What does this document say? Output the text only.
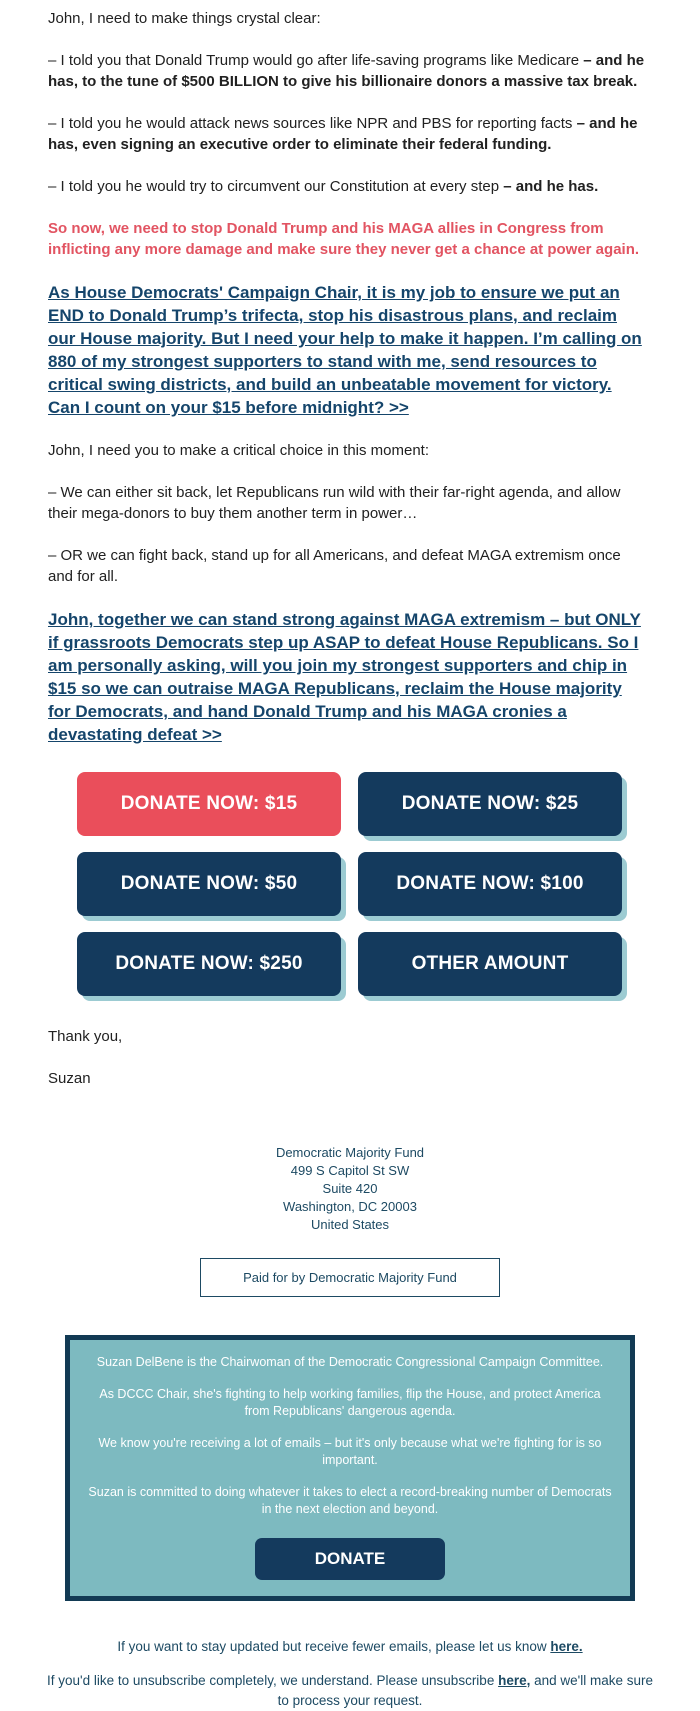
John, I need to make things crystal clear:

– I told you that Donald Trump would go after life-saving programs like Medicare – and he has, to the tune of $500 BILLION to give his billionaire donors a massive tax break.

– I told you he would attack news sources like NPR and PBS for reporting facts – and he has, even signing an executive order to eliminate their federal funding.

– I told you he would try to circumvent our Constitution at every step – and he has.

So now, we need to stop Donald Trump and his MAGA allies in Congress from inflicting any more damage and make sure they never get a chance at power again.

As House Democrats' Campaign Chair, it is my job to ensure we put an END to Donald Trump’s trifecta, stop his disastrous plans, and reclaim our House majority. But I need your help to make it happen. I’m calling on 880 of my strongest supporters to stand with me, send resources to critical swing districts, and build an unbeatable movement for victory. Can I count on your $15 before midnight? >>

John, I need you to make a critical choice in this moment:

– We can either sit back, let Republicans run wild with their far-right agenda, and allow their mega-donors to buy them another term in power…

– OR we can fight back, stand up for all Americans, and defeat MAGA extremism once and for all.

John, together we can stand strong against MAGA extremism – but ONLY if grassroots Democrats step up ASAP to defeat House Republicans. So I am personally asking, will you join my strongest supporters and chip in $15 so we can outraise MAGA Republicans, reclaim the House majority for Democrats, and hand Donald Trump and his MAGA cronies a devastating defeat >>

DONATE NOW: $15	DONATE NOW: $25
DONATE NOW: $50	DONATE NOW: $100
DONATE NOW: $250	OTHER AMOUNT

Thank you,

Suzan

Democratic Majority Fund
499 S Capitol St SW
Suite 420
Washington, DC 20003
United States
Paid for by Democratic Majority Fund

Suzan DelBene is the Chairwoman of the Democratic Congressional Campaign Committee.

As DCCC Chair, she's fighting to help working families, flip the House, and protect America from Republicans' dangerous agenda.

We know you're receiving a lot of emails – but it's only because what we're fighting for is so important.

Suzan is committed to doing whatever it takes to elect a record-breaking number of Democrats in the next election and beyond.

DONATE

If you want to stay updated but receive fewer emails, please let us know here.

If you'd like to unsubscribe completely, we understand. Please unsubscribe here, and we'll make sure to process your request.
